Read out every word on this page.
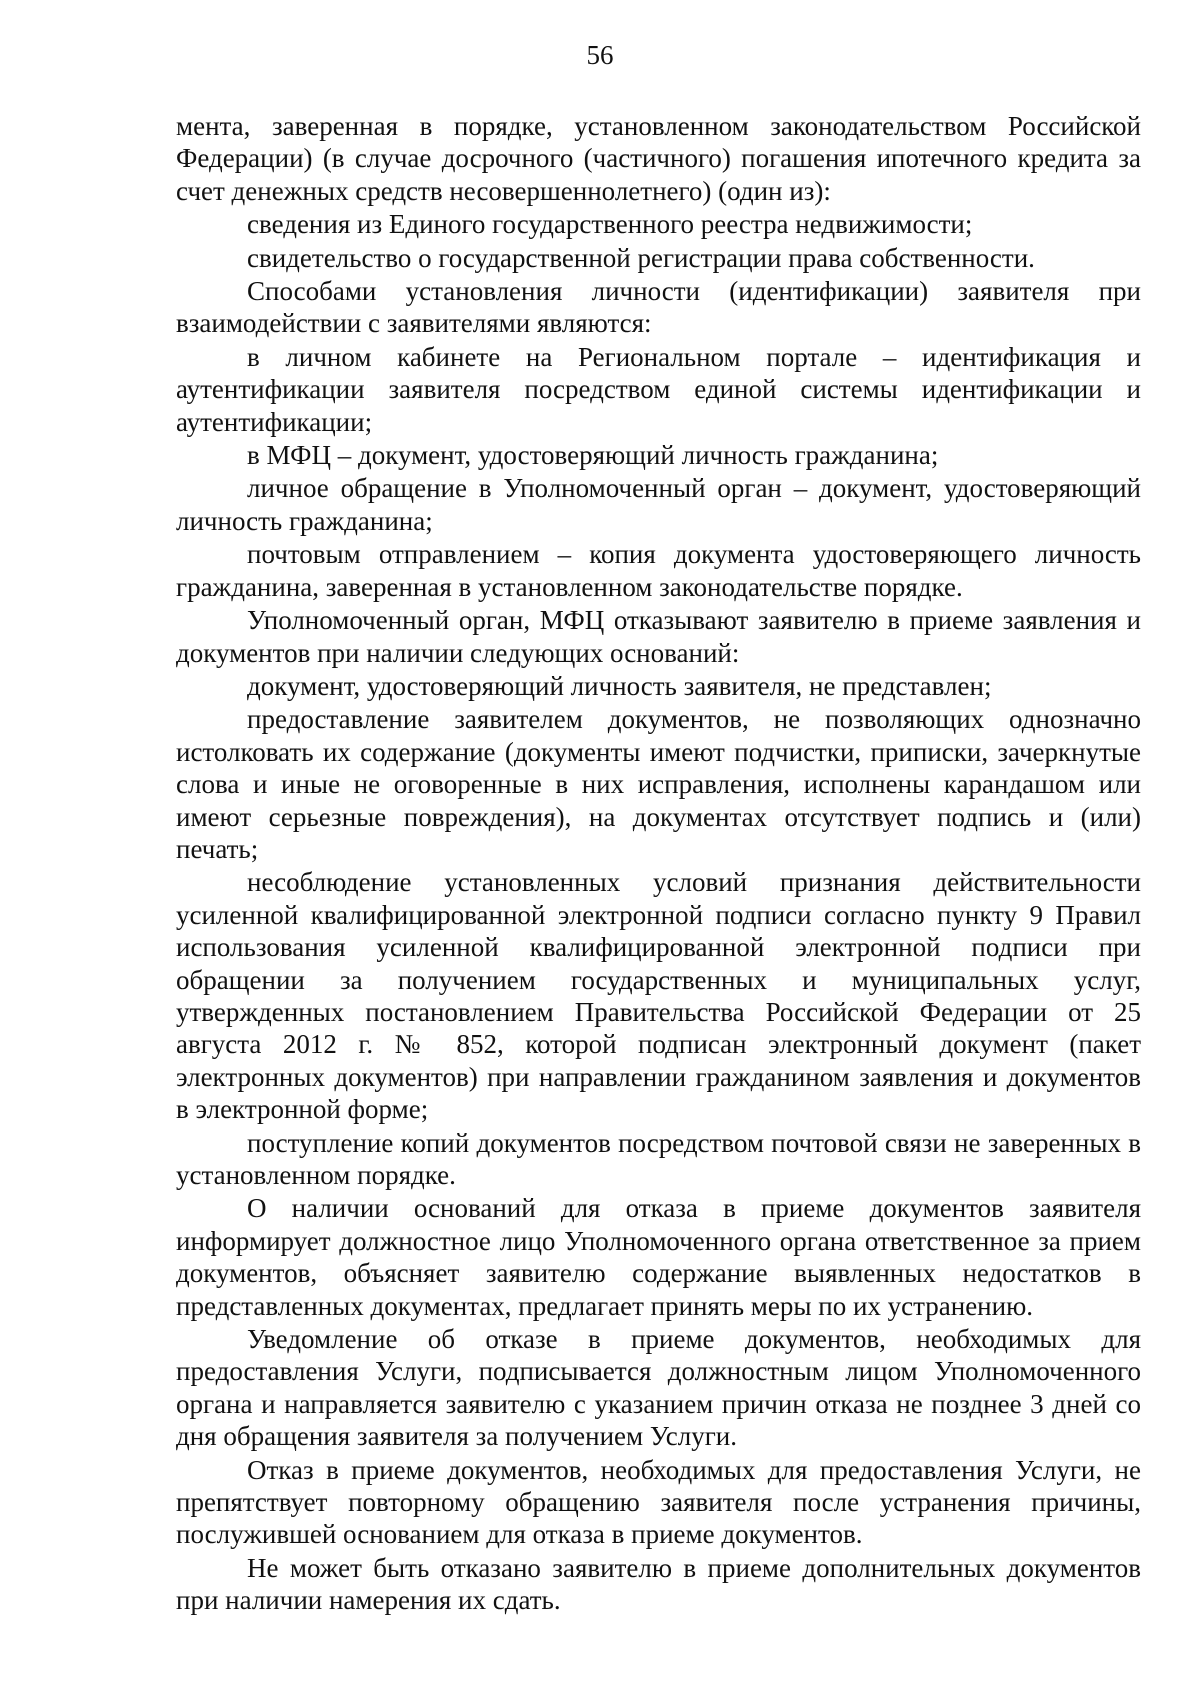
56

мента, заверенная в порядке, установленном законодательством Российской Федерации) (в случае досрочного (частичного) погашения ипотечного кредита за счет денежных средств несовершеннолетнего) (один из):

сведения из Единого государственного реестра недвижимости;

свидетельство о государственной регистрации права собственности.

Способами установления личности (идентификации) заявителя при взаимодействии с заявителями являются:

в личном кабинете на Региональном портале – идентификация и аутентификации заявителя посредством единой системы идентификации и аутентификации;

в МФЦ – документ, удостоверяющий личность гражданина;

личное обращение в Уполномоченный орган – документ, удостоверяющий личность гражданина;

почтовым отправлением – копия документа удостоверяющего личность гражданина, заверенная в установленном законодательстве порядке.

Уполномоченный орган, МФЦ отказывают заявителю в приеме заявления и документов при наличии следующих оснований:

документ, удостоверяющий личность заявителя, не представлен;

предоставление заявителем документов, не позволяющих однозначно истолковать их содержание (документы имеют подчистки, приписки, зачеркнутые слова и иные не оговоренные в них исправления, исполнены карандашом или имеют серьезные повреждения), на документах отсутствует подпись и (или) печать;

несоблюдение установленных условий признания действительности усиленной квалифицированной электронной подписи согласно пункту 9 Правил использования усиленной квалифицированной электронной подписи при обращении за получением государственных и муниципальных услуг, утвержденных постановлением Правительства Российской Федерации от 25 августа 2012 г. № 852, которой подписан электронный документ (пакет электронных документов) при направлении гражданином заявления и документов в электронной форме;

поступление копий документов посредством почтовой связи не заверенных в установленном порядке.

О наличии оснований для отказа в приеме документов заявителя информирует должностное лицо Уполномоченного органа ответственное за прием документов, объясняет заявителю содержание выявленных недостатков в представленных документах, предлагает принять меры по их устранению.

Уведомление об отказе в приеме документов, необходимых для предоставления Услуги, подписывается должностным лицом Уполномоченного органа и направляется заявителю с указанием причин отказа не позднее 3 дней со дня обращения заявителя за получением Услуги.

Отказ в приеме документов, необходимых для предоставления Услуги, не препятствует повторному обращению заявителя после устранения причины, послужившей основанием для отказа в приеме документов.

Не может быть отказано заявителю в приеме дополнительных документов при наличии намерения их сдать.
